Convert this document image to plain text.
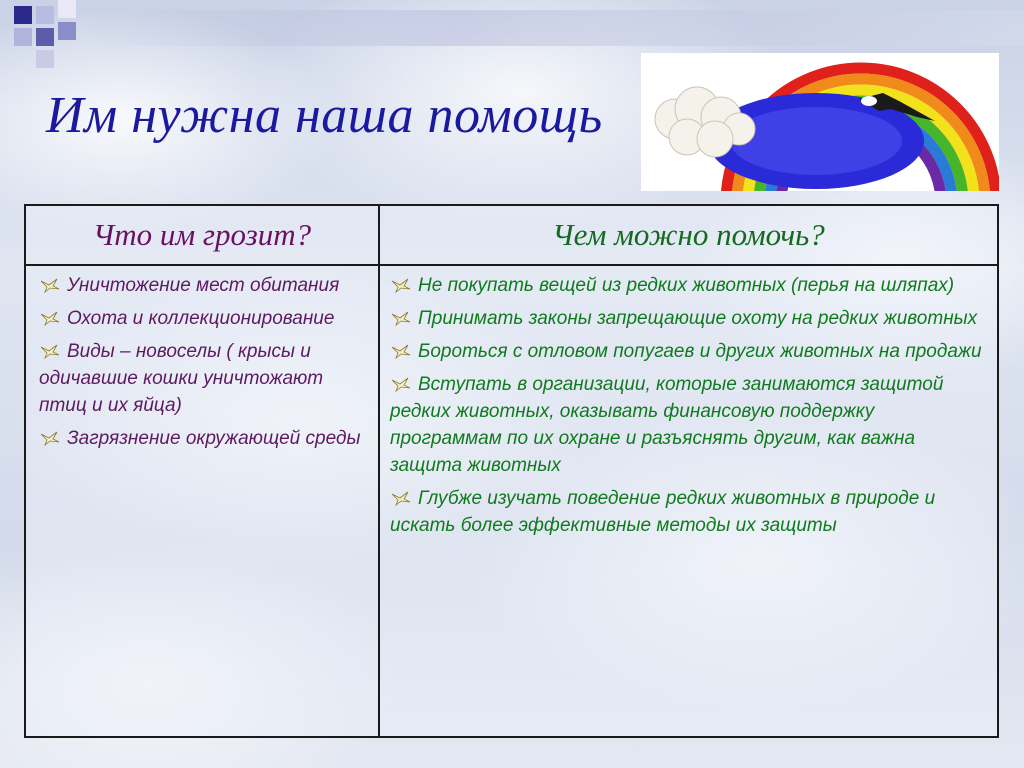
Им нужна наша помощь
Что им грозит?	Чем можно помочь?
Уничтожение мест обитания
Охота и коллекционирование
Виды – новоселы ( крысы и одичавшие кошки уничтожают птиц и их яйца)
Загрязнение окружающей среды
Не покупать вещей из редких животных (перья на шляпах)
Принимать законы запрещающие охоту на редких животных
Бороться с отловом попугаев и других животных на продажи
Вступать в организации, которые занимаются защитой редких животных, оказывать финансовую поддержку программам по их охране и разъяснять другим, как важна защита животных
Глубже изучать поведение редких животных в природе и искать более эффективные методы их защиты
